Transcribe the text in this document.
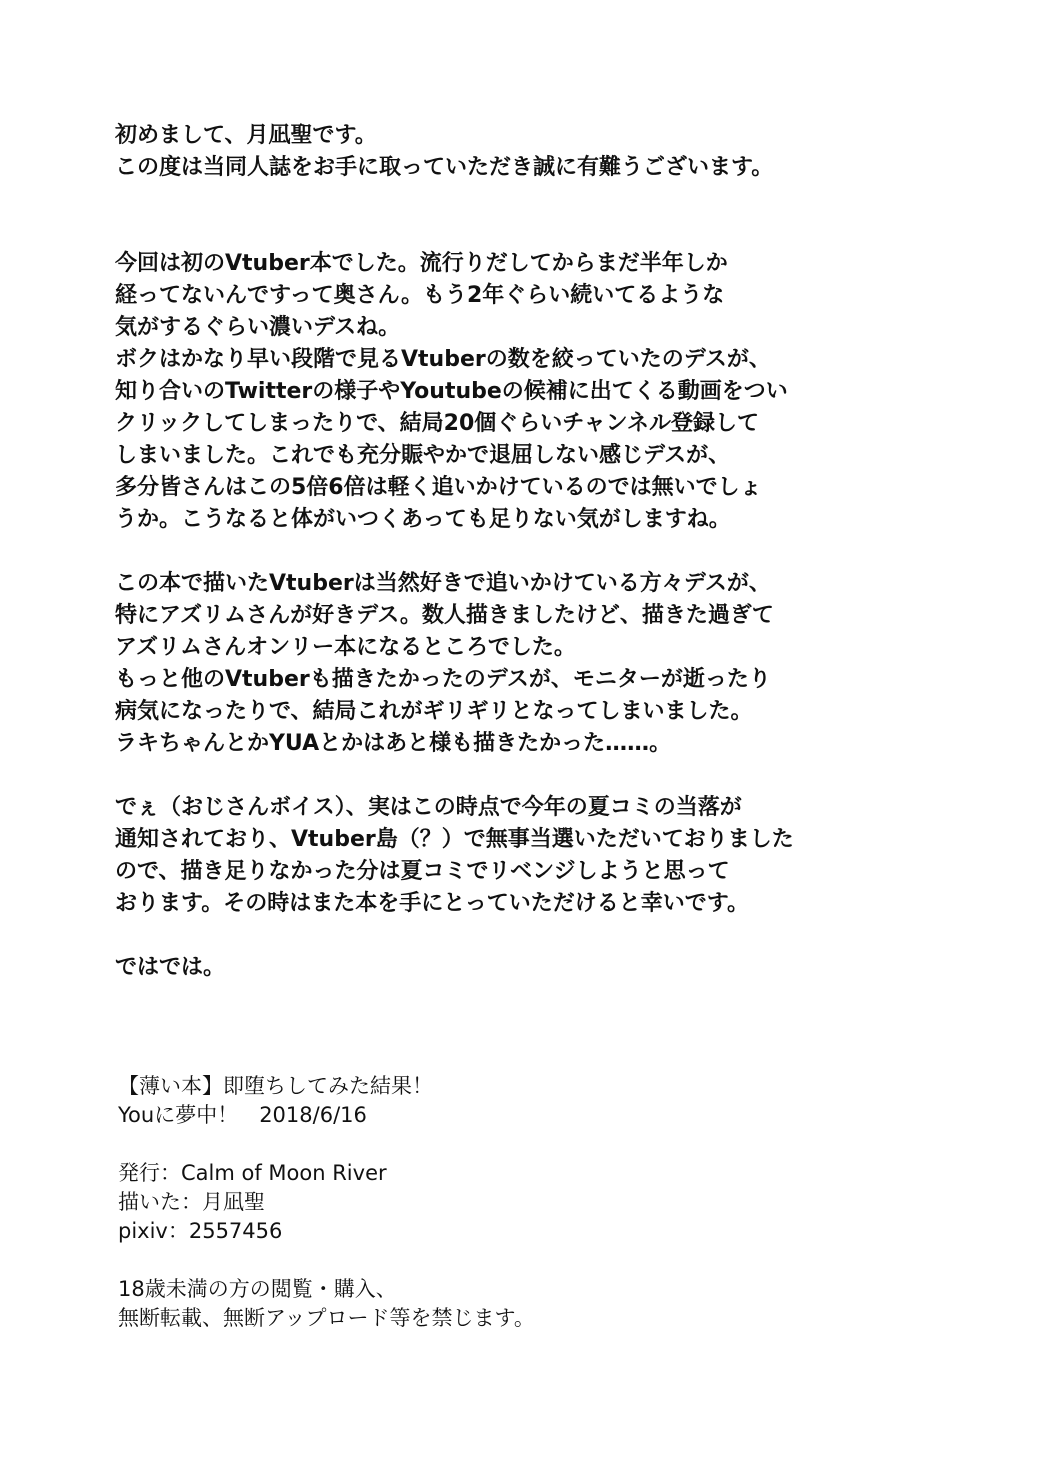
初めまして、月凪聖です。
この度は当同人誌をお手に取っていただき誠に有難うございます。
今回は初のVtuber本でした。流行りだしてからまだ半年しか
経ってないんですって奥さん。もう2年ぐらい続いてるような
気がするぐらい濃いデスね。
ボクはかなり早い段階で見るVtuberの数を絞っていたのデスが、
知り合いのTwitterの様子やYoutubeの候補に出てくる動画をつい
クリックしてしまったりで、結局20個ぐらいチャンネル登録して
しまいました。これでも充分賑やかで退屈しない感じデスが、
多分皆さんはこの5倍6倍は軽く追いかけているのでは無いでしょ
うか。こうなると体がいつくあっても足りない気がしますね。
この本で描いたVtuberは当然好きで追いかけている方々デスが、
特にアズリムさんが好きデス。数人描きましたけど、描きた過ぎて
アズリムさんオンリー本になるところでした。
もっと他のVtuberも描きたかったのデスが、モニターが逝ったり
病気になったりで、結局これがギリギリとなってしまいました。
ラキちゃんとかYUAとかはあと様も描きたかった……。
でぇ（おじさんボイス）、実はこの時点で今年の夏コミの当落が
通知されており、Vtuber島（？）で無事当選いただいておりました
ので、描き足りなかった分は夏コミでリベンジしようと思って
おります。その時はまた本を手にとっていただけると幸いです。
ではでは。
【薄い本】即堕ちしてみた結果！
Youに夢中！　2018/6/16
発行：Calm of Moon River
描いた：月凪聖
pixiv：2557456
18歳未満の方の閲覧・購入、
無断転載、無断アップロード等を禁じます。
